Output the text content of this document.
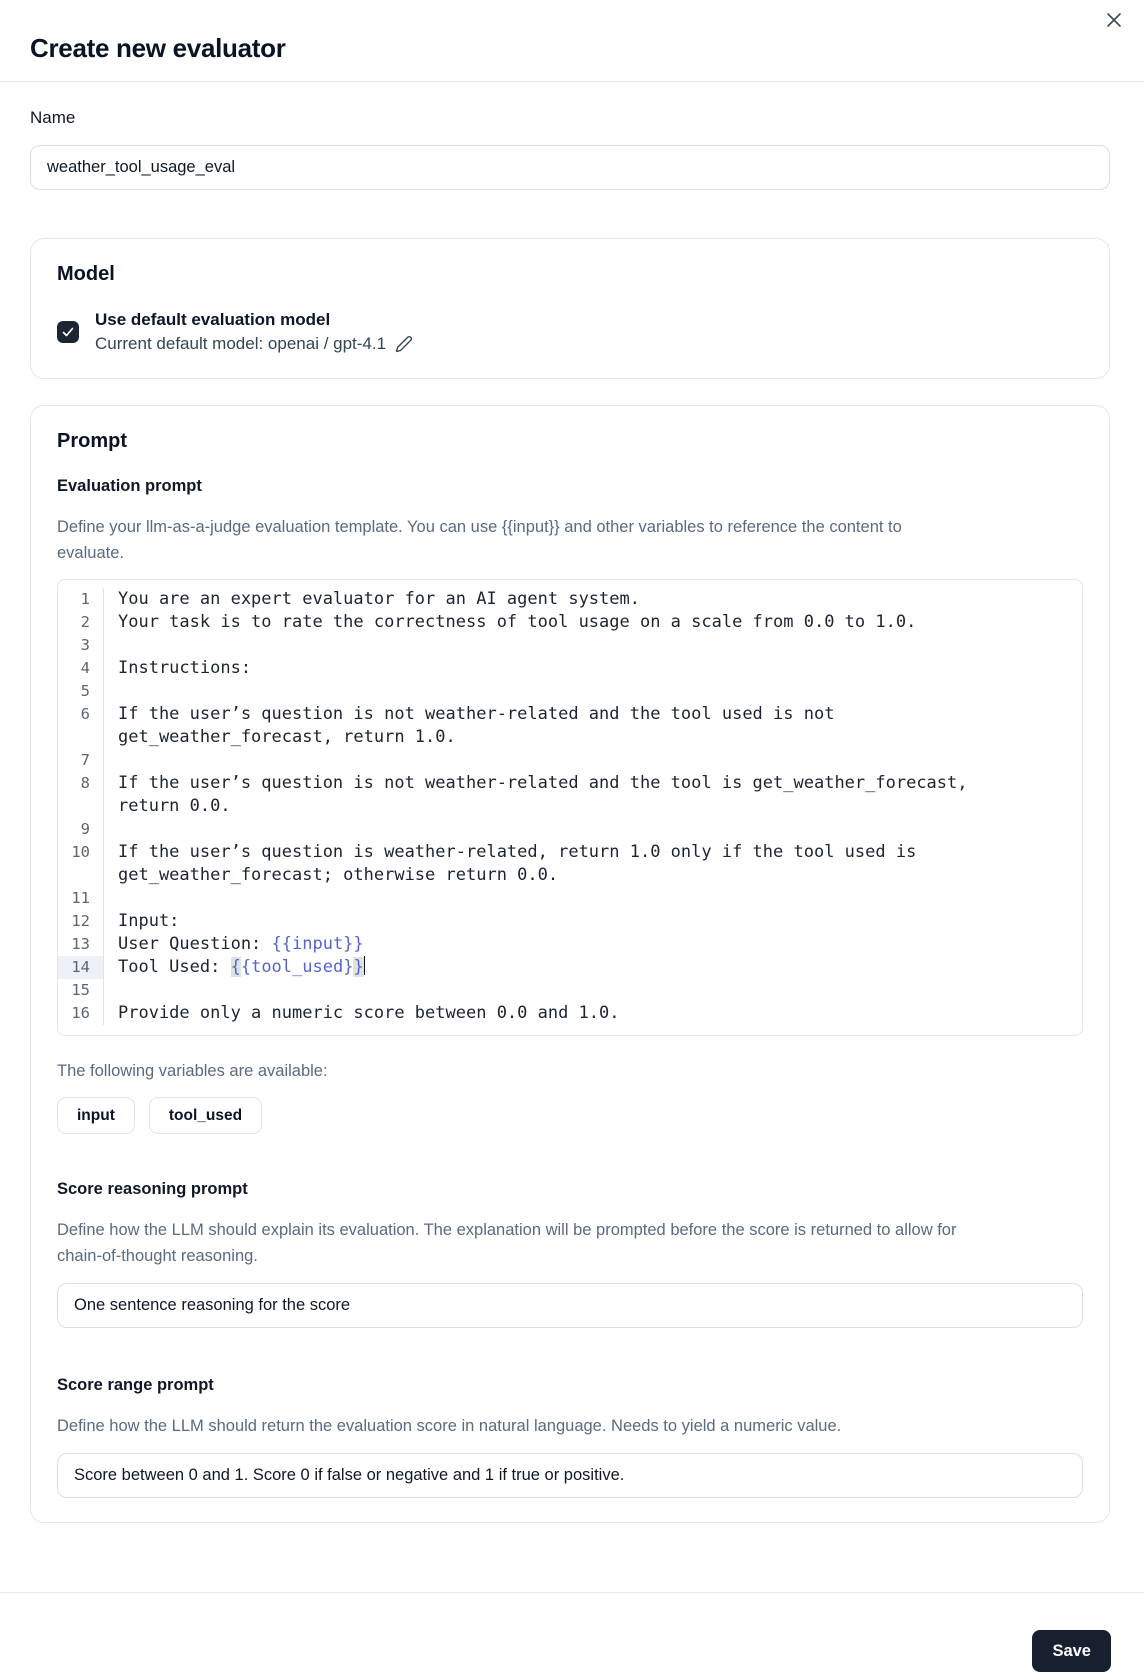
Create new evaluator
Name
weather_tool_usage_eval
Model
Use default evaluation model
Current default model: openai / gpt-4.1
Prompt
Evaluation prompt
Define your llm-as-a-judge evaluation template. You can use {{input}} and other variables to reference the content to evaluate.
1	You are an expert evaluator for an AI agent system.
2	Your task is to rate the correctness of tool usage on a scale from 0.0 to 1.0.
3

4	Instructions:
5

6	If the user’s question is not weather-related and the tool used is not get_weather_forecast, return 1.0.
7

8	If the user’s question is not weather-related and the tool is get_weather_forecast, return 0.0.
9

10	If the user’s question is weather-related, return 1.0 only if the tool used is get_weather_forecast; otherwise return 0.0.
11

12	Input:
13	User Question: {{input}}
14	Tool Used: {{tool_used}}
15

16	Provide only a numeric score between 0.0 and 1.0.
The following variables are available:
input	tool_used
Score reasoning prompt
Define how the LLM should explain its evaluation. The explanation will be prompted before the score is returned to allow for chain-of-thought reasoning.
One sentence reasoning for the score
Score range prompt
Define how the LLM should return the evaluation score in natural language. Needs to yield a numeric value.
Score between 0 and 1. Score 0 if false or negative and 1 if true or positive.
Save
